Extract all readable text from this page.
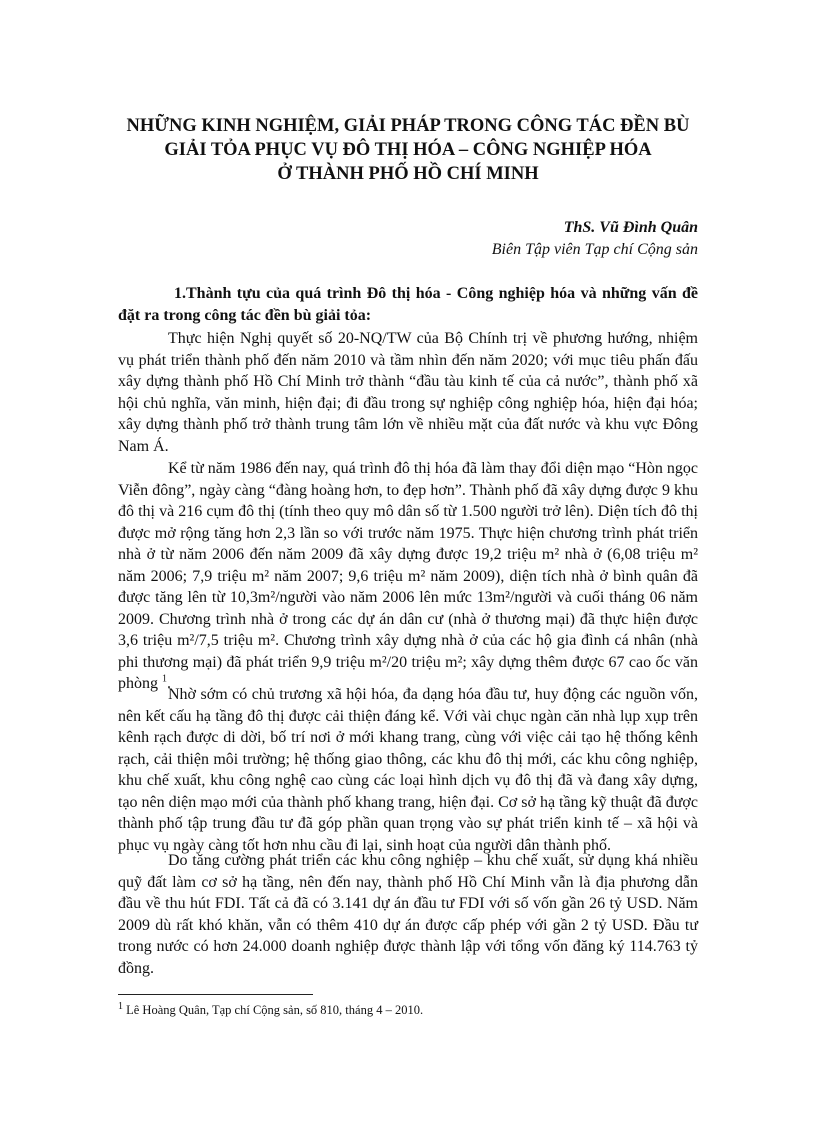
NHỮNG KINH NGHIỆM, GIẢI PHÁP TRONG CÔNG TÁC ĐỀN BÙ
GIẢI TỎA PHỤC VỤ ĐÔ THỊ HÓA – CÔNG NGHIỆP HÓA
Ở THÀNH PHỐ HỒ CHÍ MINH
ThS. Vũ Đình Quân
Biên Tập viên Tạp chí Cộng sản
1.Thành tựu của quá trình Đô thị hóa - Công nghiệp hóa và những vấn đề đặt ra trong công tác đền bù giải tỏa:

Thực hiện Nghị quyết số 20-NQ/TW của Bộ Chính trị về phương hướng, nhiệm vụ phát triển thành phố đến năm 2010 và tầm nhìn đến năm 2020; với mục tiêu phấn đấu xây dựng thành phố Hồ Chí Minh trở thành “đầu tàu kinh tế của cả nước”, thành phố xã hội chủ nghĩa, văn minh, hiện đại; đi đầu trong sự nghiệp công nghiệp hóa, hiện đại hóa; xây dựng thành phố trở thành trung tâm lớn về nhiều mặt của đất nước và khu vực Đông Nam Á.

Kể từ năm 1986 đến nay, quá trình đô thị hóa đã làm thay đổi diện mạo “Hòn ngọc Viễn đông”, ngày càng “đàng hoàng hơn, to đẹp hơn”. Thành phố đã xây dựng được 9 khu đô thị và 216 cụm đô thị (tính theo quy mô dân số từ 1.500 người trở lên). Diện tích đô thị được mở rộng tăng hơn 2,3 lần so với trước năm 1975. Thực hiện chương trình phát triển nhà ở từ năm 2006 đến năm 2009 đã xây dựng được 19,2 triệu m² nhà ở (6,08 triệu m² năm 2006; 7,9 triệu m² năm 2007; 9,6 triệu m² năm 2009), diện tích nhà ở bình quân đã được tăng lên từ 10,3m²/người vào năm 2006 lên mức 13m²/người và cuối tháng 06 năm 2009. Chương trình nhà ở trong các dự án dân cư (nhà ở thương mại) đã thực hiện được 3,6 triệu m²/7,5 triệu m². Chương trình xây dựng nhà ở của các hộ gia đình cá nhân (nhà phi thương mại) đã phát triển 9,9 triệu m²/20 triệu m²; xây dựng thêm được 67 cao ốc văn phòng $^1$.

Nhờ sớm có chủ trương xã hội hóa, đa dạng hóa đầu tư, huy động các nguồn vốn, nên kết cấu hạ tầng đô thị được cải thiện đáng kể. Với vài chục ngàn căn nhà lụp xụp trên kênh rạch được di dời, bố trí nơi ở mới khang trang, cùng với việc cải tạo hệ thống kênh rạch, cải thiện môi trường; hệ thống giao thông, các khu đô thị mới, các khu công nghiệp, khu chế xuất, khu công nghệ cao cùng các loại hình dịch vụ đô thị đã và đang xây dựng, tạo nên diện mạo mới của thành phố khang trang, hiện đại. Cơ sở hạ tầng kỹ thuật đã được thành phố tập trung đầu tư đã góp phần quan trọng vào sự phát triển kinh tế – xã hội và phục vụ ngày càng tốt hơn nhu cầu đi lại, sinh hoạt của người dân thành phố.

Do tăng cường phát triển các khu công nghiệp – khu chế xuất, sử dụng khá nhiều quỹ đất làm cơ sở hạ tầng, nên đến nay, thành phố Hồ Chí Minh vẫn là địa phương dẫn đầu về thu hút FDI. Tất cả đã có 3.141 dự án đầu tư FDI với số vốn gần 26 tỷ USD. Năm 2009 dù rất khó khăn, vẫn có thêm 410 dự án được cấp phép với gần 2 tỷ USD. Đầu tư trong nước có hơn 24.000 doanh nghiệp được thành lập với tổng vốn đăng ký 114.763 tỷ đồng.

$^1$ Lê Hoàng Quân, Tạp chí Cộng sản, số 810, tháng 4 – 2010.
